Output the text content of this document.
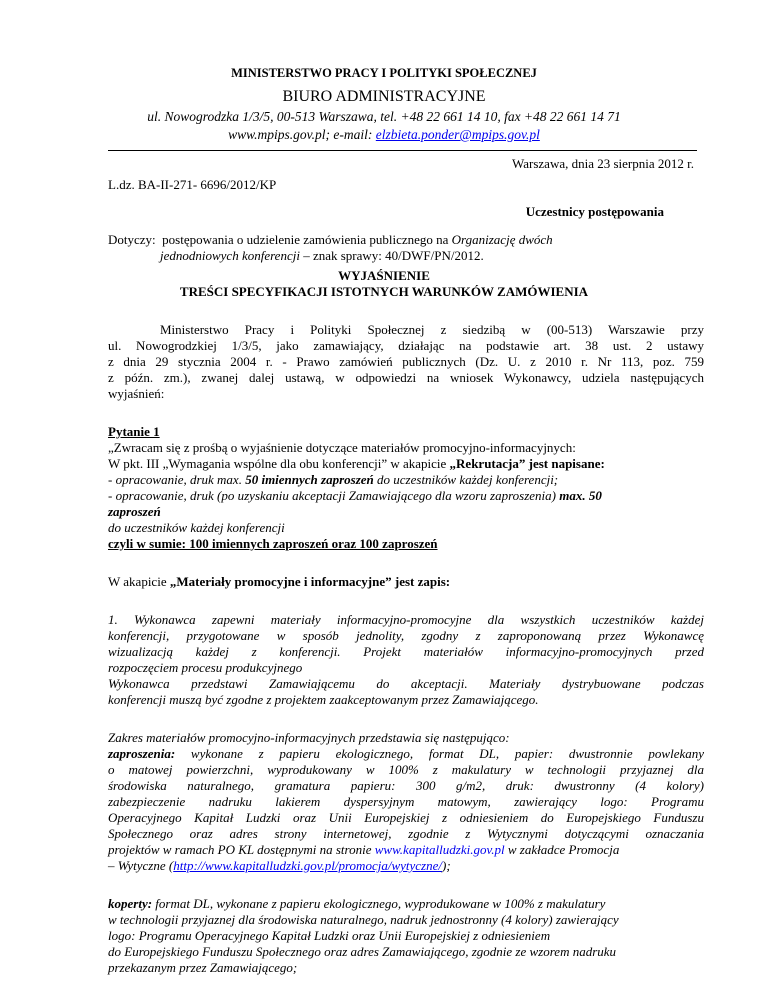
MINISTERSTWO PRACY I POLITYKI SPOŁECZNEJ
BIURO ADMINISTRACYJNE
ul. Nowogrodzka 1/3/5, 00-513 Warszawa, tel. +48 22 661 14 10, fax +48 22 661 14 71
www.mpips.gov.pl; e-mail: elzbieta.ponder@mpips.gov.pl
Warszawa, dnia 23 sierpnia 2012 r.
L.dz. BA-II-271- 6696/2012/KP
Uczestnicy postępowania
Dotyczy: postępowania o udzielenie zamówienia publicznego na Organizację dwóch
jednodniowych konferencji – znak sprawy: 40/DWF/PN/2012.
WYJAŚNIENIE
TREŚCI SPECYFIKACJI ISTOTNYCH WARUNKÓW ZAMÓWIENIA
Ministerstwo Pracy i Polityki Społecznej z siedzibą w (00-513) Warszawie przy
ul. Nowogrodzkiej 1/3/5, jako zamawiający, działając na podstawie art. 38 ust. 2 ustawy
z dnia 29 stycznia 2004 r. - Prawo zamówień publicznych (Dz. U. z 2010 r. Nr 113, poz. 759
z późn. zm.), zwanej dalej ustawą, w odpowiedzi na wniosek Wykonawcy, udziela następujących
wyjaśnień:
Pytanie 1
„Zwracam się z prośbą o wyjaśnienie dotyczące materiałów promocyjno-informacyjnych:
W pkt. III „Wymagania wspólne dla obu konferencji” w akapicie „Rekrutacja” jest napisane:
- opracowanie, druk max. 50 imiennych zaproszeń do uczestników każdej konferencji;
- opracowanie, druk (po uzyskaniu akceptacji Zamawiającego dla wzoru zaproszenia) max. 50
zaproszeń
do uczestników każdej konferencji
czyli w sumie: 100 imiennych zaproszeń oraz 100 zaproszeń
W akapicie „Materiały promocyjne i informacyjne” jest zapis:
1. Wykonawca zapewni materiały informacyjno-promocyjne dla wszystkich uczestników każdej
konferencji, przygotowane w sposób jednolity, zgodny z zaproponowaną przez Wykonawcę
wizualizacją każdej z konferencji. Projekt materiałów informacyjno-promocyjnych przed
rozpoczęciem procesu produkcyjnego
Wykonawca przedstawi Zamawiającemu do akceptacji. Materiały dystrybuowane podczas
konferencji muszą być zgodne z projektem zaakceptowanym przez Zamawiającego.
Zakres materiałów promocyjno-informacyjnych przedstawia się następująco:
zaproszenia: wykonane z papieru ekologicznego, format DL, papier: dwustronnie powlekany
o matowej powierzchni, wyprodukowany w 100% z makulatury w technologii przyjaznej dla
środowiska naturalnego, gramatura papieru: 300 g/m2, druk: dwustronny (4 kolory)
zabezpieczenie nadruku lakierem dyspersyjnym matowym, zawierający logo: Programu
Operacyjnego Kapitał Ludzki oraz Unii Europejskiej z odniesieniem do Europejskiego Funduszu
Społecznego oraz adres strony internetowej, zgodnie z Wytycznymi dotyczącymi oznaczania
projektów w ramach PO KL dostępnymi na stronie www.kapitalludzki.gov.pl w zakładce Promocja
– Wytyczne (http://www.kapitalludzki.gov.pl/promocja/wytyczne/);
koperty: format DL, wykonane z papieru ekologicznego, wyprodukowane w 100% z makulatury
w technologii przyjaznej dla środowiska naturalnego, nadruk jednostronny (4 kolory) zawierający
logo: Programu Operacyjnego Kapitał Ludzki oraz Unii Europejskiej z odniesieniem
do Europejskiego Funduszu Społecznego oraz adres Zamawiającego, zgodnie ze wzorem nadruku
przekazanym przez Zamawiającego;
